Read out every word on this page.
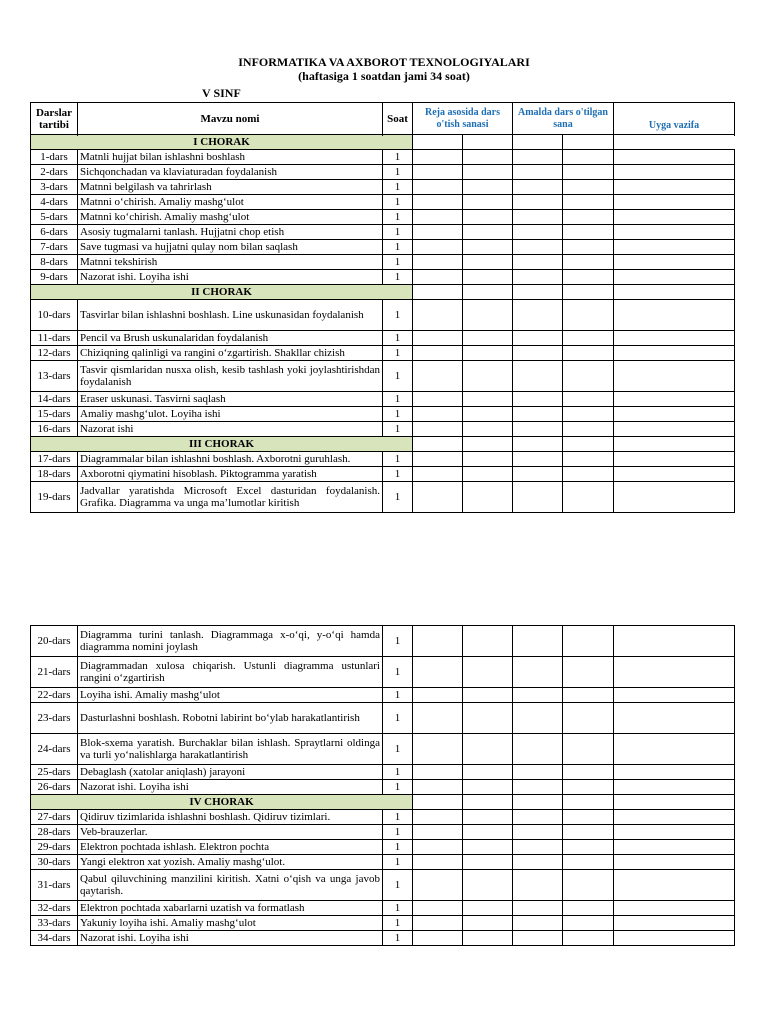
INFORMATIKA VA AXBOROT TEXNOLOGIYALARI
(haftasiga 1 soatdan jami 34 soat)
V SINF
Darslar tartibi	Mavzu nomi	Soat	Reja asosida dars o'tish sanasi		Amalda dars o'tilgan sana		Uyga vazifa

I CHORAK							
1-dars	Matnli hujjat bilan ishlashni boshlash	1					
2-dars	Sichqonchadan va klaviaturadan foydalanish	1					
3-dars	Matnni belgilash va tahrirlash	1					
4-dars	Matnni o‘chirish. Amaliy mashg‘ulot	1					
5-dars	Matnni ko‘chirish. Amaliy mashg‘ulot	1					
6-dars	Asosiy tugmalarni tanlash. Hujjatni chop etish	1					
7-dars	Save tugmasi va hujjatni qulay nom bilan saqlash	1					
8-dars	Matnni tekshirish	1					
9-dars	Nazorat ishi. Loyiha ishi	1					
II CHORAK							
10-dars	Tasvirlar bilan ishlashni boshlash. Line uskunasidan foydalanish	1					
11-dars	Pencil va Brush uskunalaridan foydalanish	1					
12-dars	Chiziqning qalinligi va rangini o‘zgartirish. Shakllar chizish	1					
13-dars	Tasvir qismlaridan nusxa olish, kesib tashlash yoki joylashtirishdan foydalanish	1					
14-dars	Eraser uskunasi. Tasvirni saqlash	1					
15-dars	Amaliy mashg‘ulot. Loyiha ishi	1					
16-dars	Nazorat ishi	1					
III CHORAK							
17-dars	Diagrammalar bilan ishlashni boshlash. Axborotni guruhlash.	1					
18-dars	Axborotni qiymatini hisoblash. Piktogramma yaratish	1					
19-dars	Jadvallar yaratishda Microsoft Excel dasturidan foydalanish. Grafika. Diagramma va unga ma’lumotlar kiritish	1					
20-dars	Diagramma turini tanlash. Diagrammaga x-o‘qi, y-o‘qi hamda diagramma nomini joylash	1					
21-dars	Diagrammadan xulosa chiqarish. Ustunli diagramma ustunlari rangini o‘zgartirish	1					
22-dars	Loyiha ishi. Amaliy mashg‘ulot	1					
23-dars	Dasturlashni boshlash. Robotni labirint bo‘ylab harakatlantirish	1					
24-dars	Blok-sxema yaratish. Burchaklar bilan ishlash. Spraytlarni oldinga va turli yo‘nalishlarga harakatlantirish	1					
25-dars	Debaglash (xatolar aniqlash) jarayoni	1					
26-dars	Nazorat ishi. Loyiha ishi	1					
IV CHORAK							
27-dars	Qidiruv tizimlarida ishlashni boshlash. Qidiruv tizimlari.	1					
28-dars	Veb-brauzerlar.	1					
29-dars	Elektron pochtada ishlash. Elektron pochta	1					
30-dars	Yangi elektron xat yozish. Amaliy mashg‘ulot.	1					
31-dars	Qabul qiluvchining manzilini kiritish. Xatni o‘qish va unga javob qaytarish.	1					
32-dars	Elektron pochtada xabarlarni uzatish va formatlash	1					
33-dars	Yakuniy loyiha ishi. Amaliy mashg‘ulot	1					
34-dars	Nazorat ishi. Loyiha ishi	1					
